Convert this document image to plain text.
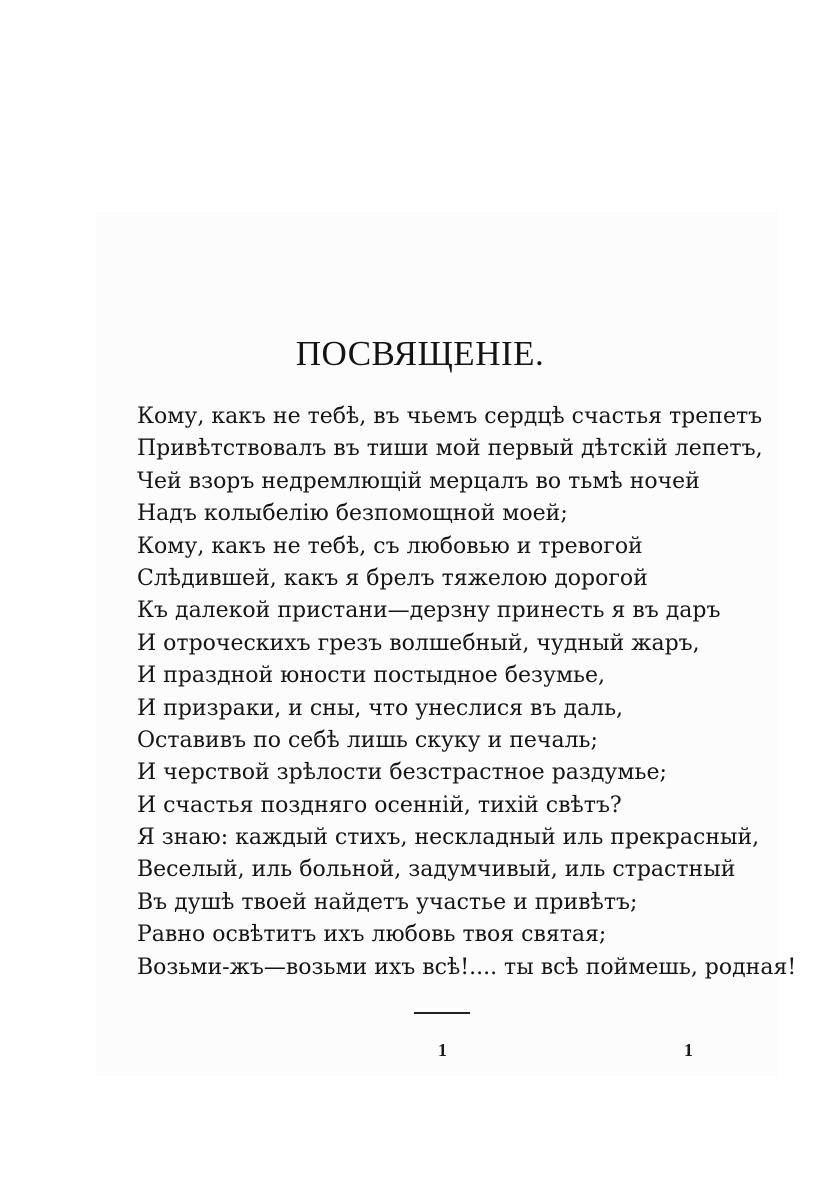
ПОСВЯЩЕНІЕ.
Кому, какъ не тебѣ, въ чьемъ сердцѣ счастья трепетъ
Привѣтствовалъ въ тиши мой первый дѣтскій лепетъ,
Чей взоръ недремлющій мерцалъ во тьмѣ ночей
Надъ колыбелію безпомощной моей;
Кому, какъ не тебѣ, съ любовью и тревогой
Слѣдившей, какъ я брелъ тяжелою дорогой
Къ далекой пристани—дерзну принесть я въ даръ
И отроческихъ грезъ волшебный, чудный жаръ,
И праздной юности постыдное безумье,
И призраки, и сны, что унеслися въ даль,
Оставивъ по себѣ лишь скуку и печаль;
И черствой зрѣлости безстрастное раздумье;
И счастья поздняго осенній, тихій свѣтъ?
Я знаю: каждый стихъ, нескладный иль прекрасный,
Веселый, иль больной, задумчивый, иль страстный
Въ душѣ твоей найдетъ участье и привѣтъ;
Равно освѣтитъ ихъ любовь твоя святая;
Возьми-жъ—возьми ихъ всѣ!.... ты всѣ поймешь, родная!
1	1
